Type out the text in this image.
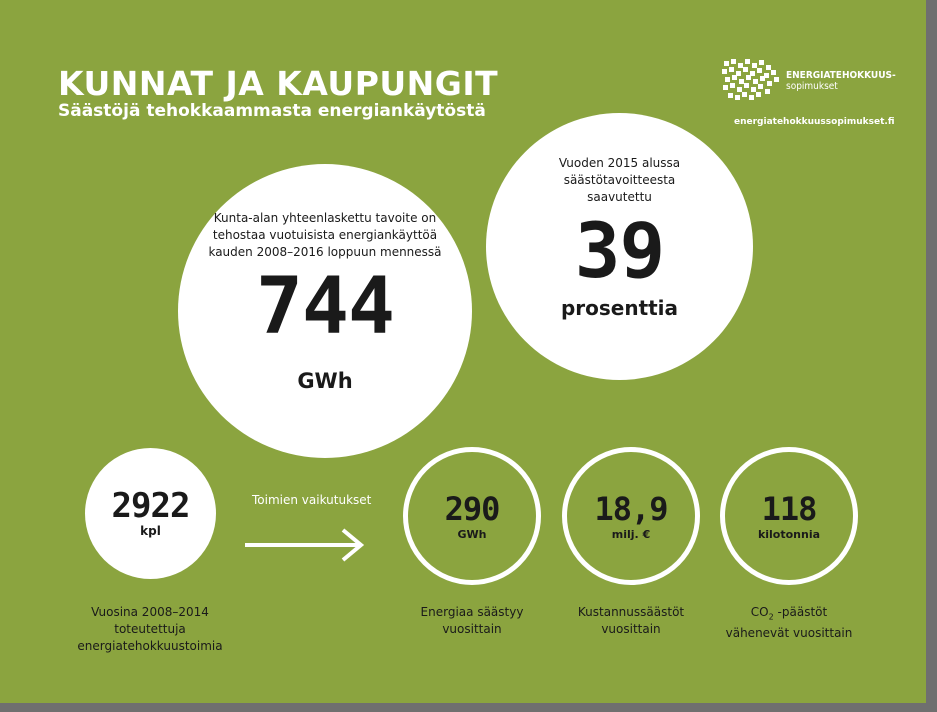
KUNNAT JA KAUPUNGIT
Säästöjä tehokkaammasta energiankäytöstä
ENERGIATEHOKKUUS-
sopimukset
energiatehokkuussopimukset.fi
Kunta-alan yhteenlaskettu tavoite on
tehostaa vuotuisista energiankäyttöä
kauden 2008–2016 loppuun mennessä
744
GWh
Vuoden 2015 alussa
säästötavoitteesta
saavutettu
39
prosenttia
2922
kpl
Vuosina 2008–2014
toteutettuja energiatehokkuustoimia
Toimien vaikutukset	290
GWh
Energiaa säästyy
vuosittain
18,9
milj. €
Kustannussäästöt
vuosittain
118
kilotonnia
$CO_2$ -päästöt
vähenevät vuosittain
